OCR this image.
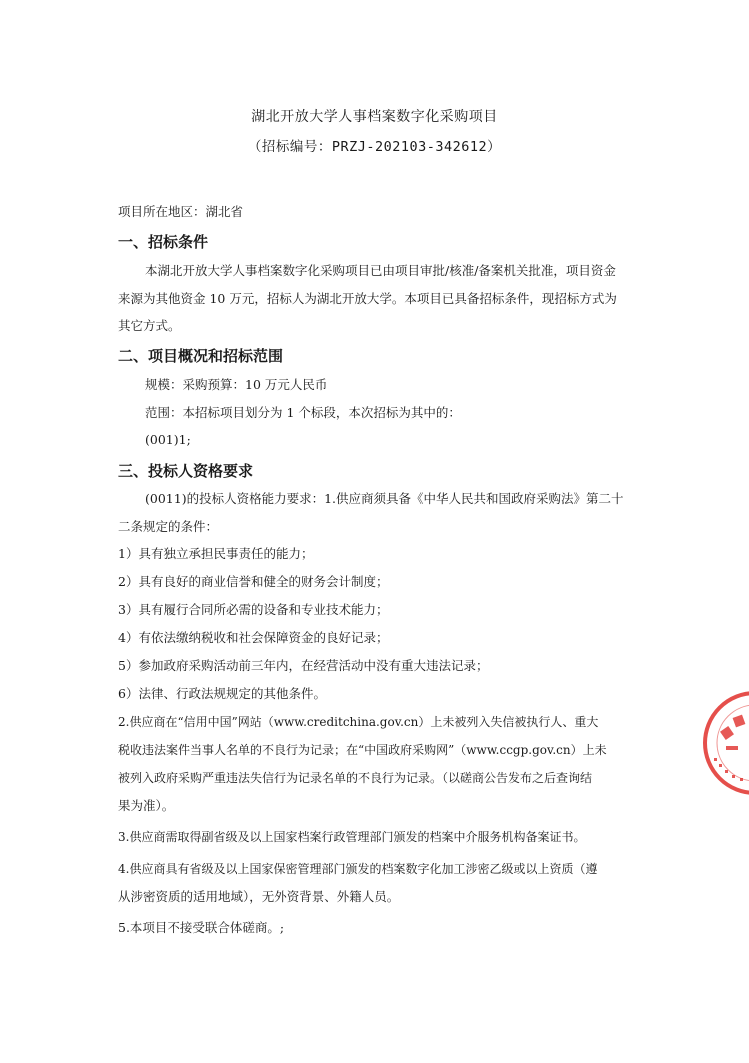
湖北开放大学人事档案数字化采购项目
（招标编号：PRZJ-202103-342612）
项目所在地区：湖北省
一、招标条件
本湖北开放大学人事档案数字化采购项目已由项目审批/核准/备案机关批准，项目资金
来源为其他资金 10 万元，招标人为湖北开放大学。本项目已具备招标条件，现招标方式为
其它方式。
二、项目概况和招标范围
规模：采购预算：10 万元人民币
范围：本招标项目划分为 1 个标段，本次招标为其中的：
(001)1;
三、投标人资格要求
(0011)的投标人资格能力要求：1.供应商须具备《中华人民共和国政府采购法》第二十
二条规定的条件：
1）具有独立承担民事责任的能力；
2）具有良好的商业信誉和健全的财务会计制度；
3）具有履行合同所必需的设备和专业技术能力；
4）有依法缴纳税收和社会保障资金的良好记录；
5）参加政府采购活动前三年内，在经营活动中没有重大违法记录；
6）法律、行政法规规定的其他条件。
2.供应商在“信用中国”网站（www.creditchina.gov.cn）上未被列入失信被执行人、重大
税收违法案件当事人名单的不良行为记录；在“中国政府采购网”（www.ccgp.gov.cn）上未
被列入政府采购严重违法失信行为记录名单的不良行为记录。（以磋商公告发布之后查询结
果为准）。
3.供应商需取得副省级及以上国家档案行政管理部门颁发的档案中介服务机构备案证书。
4.供应商具有省级及以上国家保密管理部门颁发的档案数字化加工涉密乙级或以上资质（遵
从涉密资质的适用地域），无外资背景、外籍人员。
5.本项目不接受联合体磋商。;
